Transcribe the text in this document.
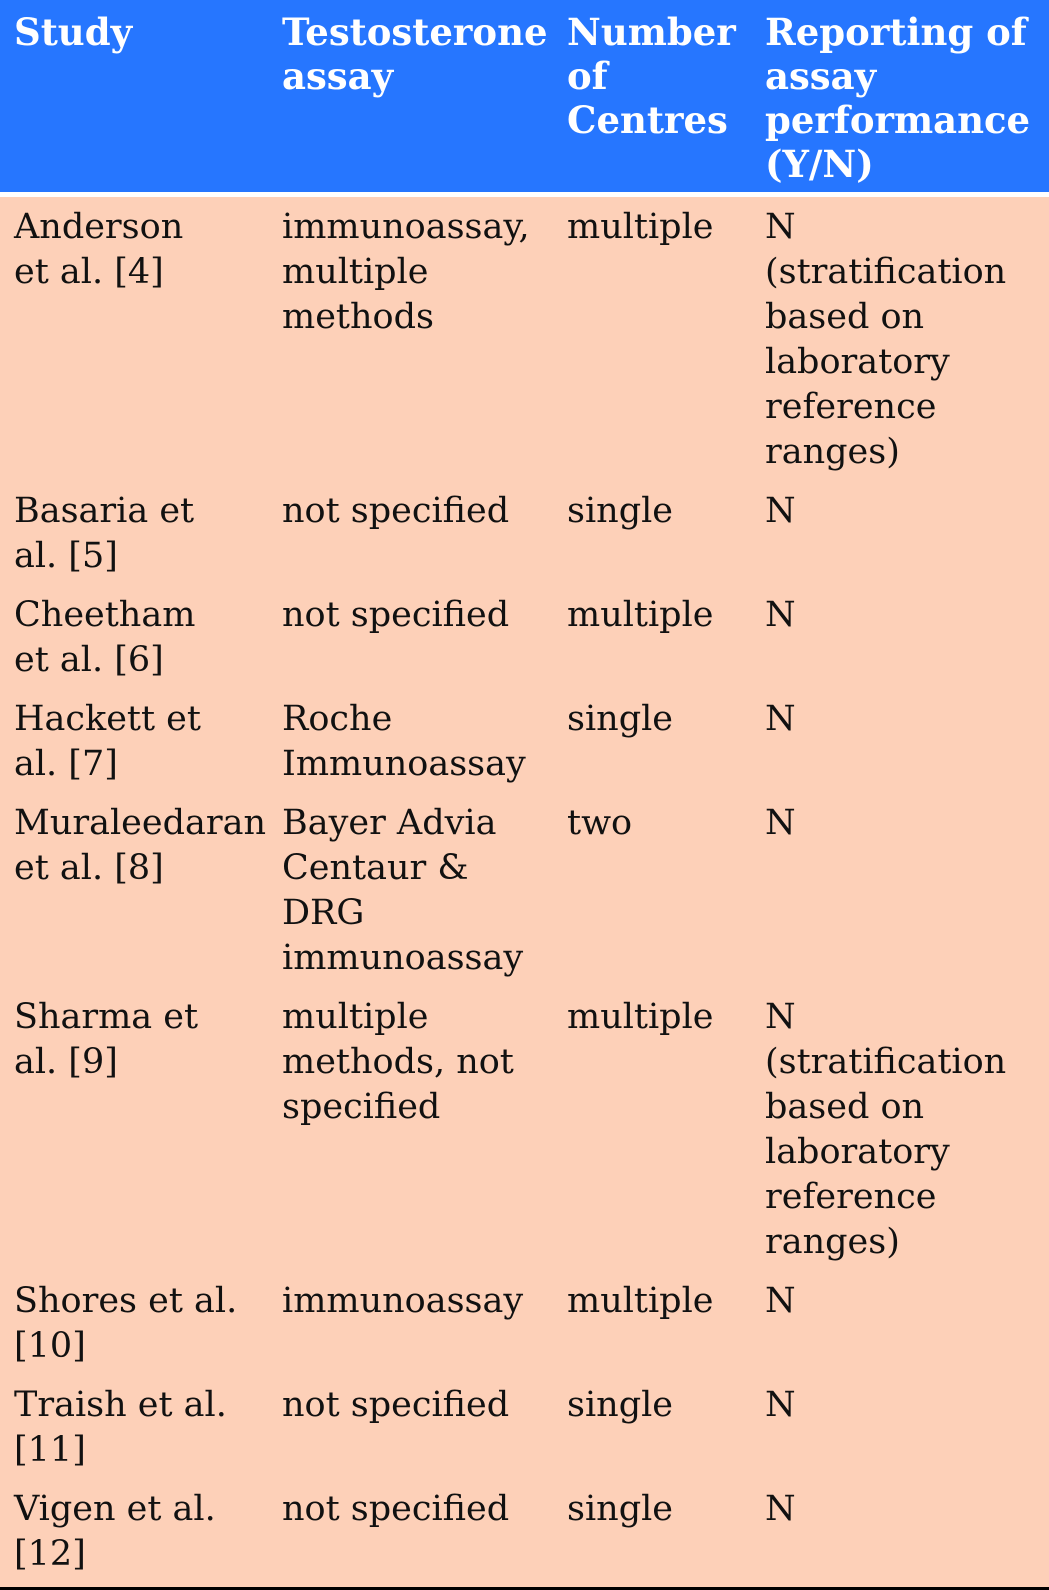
Study	Testosterone assay	Number of Centres	Reporting of assay performance (Y/N)
Anderson et al. [4]	immunoassay, multiple methods	multiple	N (stratification based on laboratory reference ranges)
Basaria et al. [5]	not specified	single	N
Cheetham et al. [6]	not specified	multiple	N
Hackett et al. [7]	Roche Immunoassay	single	N
Muraleedaran et al. [8]	Bayer Advia Centaur & DRG immunoassay	two	N
Sharma et al. [9]	multiple methods, not specified	multiple	N (stratification based on laboratory reference ranges)
Shores et al. [10]	immunoassay	multiple	N
Traish et al. [11]	not specified	single	N
Vigen et al. [12]	not specified	single	N
